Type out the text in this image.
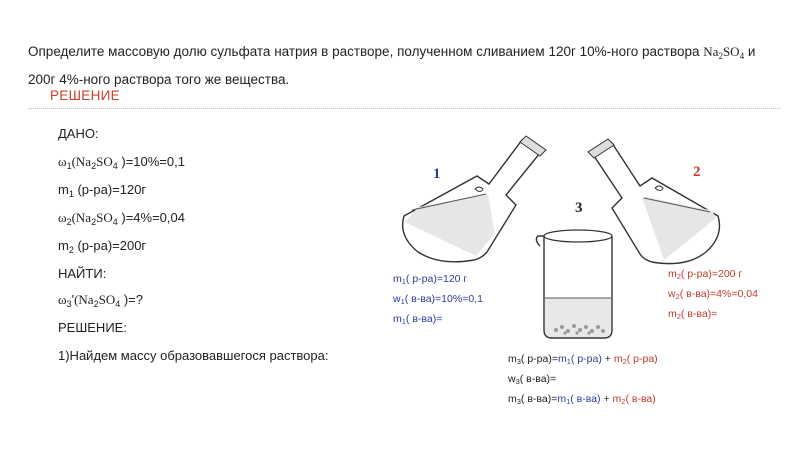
Определите массовую долю сульфата натрия в растворе, полученном сливанием 120г 10%-ного раствора $Na_2SO_4$ и
200г 4%-ного раствора того же вещества.
РЕШЕНИЕ
ДАНО:
$\omega_1(Na_2SO_4$ )=10%=0,1
$m_1$ (р-ра)=120г
$\omega_2(Na_2SO_4$ )=4%=0,04
$m_2$ (р-ра)=200г
НАЙТИ:
$\omega_3'(Na_2SO_4$ )=?
РЕШЕНИЕ:
1)Найдем массу образовавшегося раствора:
1	2
3
m1( р-ра)=120 г
w1( в-ва)=10%=0,1
m1( в-ва)=
m2( р-ра)=200 г
w2( в-ва)=4%=0,04
m2( в-ва)=
m3( р-ра)=m1( р-ра) + m2( р-ра)
w3( в-ва)=
m3( в-ва)=m1( в-ва) + m2( в-ва)
